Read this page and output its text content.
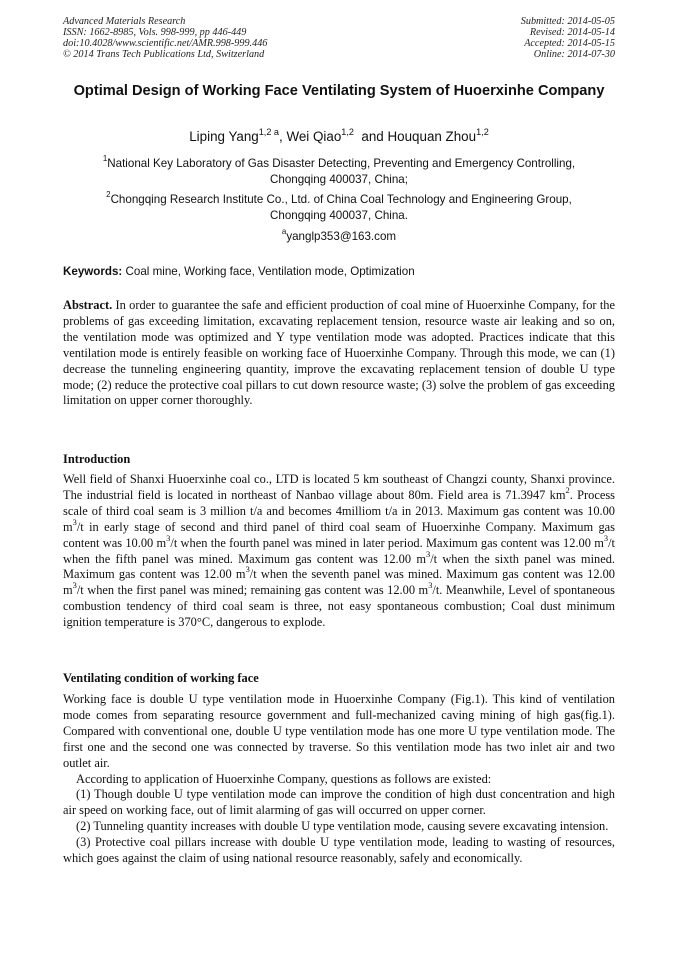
Advanced Materials Research
ISSN: 1662-8985, Vols. 998-999, pp 446-449
doi:10.4028/www.scientific.net/AMR.998-999.446
© 2014 Trans Tech Publications Ltd, Switzerland
Submitted: 2014-05-05
Revised: 2014-05-14
Accepted: 2014-05-15
Online: 2014-07-30
Optimal Design of Working Face Ventilating System of Huoerxinhe Company
Liping Yang$^{1,2 a}$, Wei Qiao$^{1,2}$ and Houquan Zhou$^{1,2}$
$^1$National Key Laboratory of Gas Disaster Detecting, Preventing and Emergency Controlling,
Chongqing 400037, China;
$^2$Chongqing Research Institute Co., Ltd. of China Coal Technology and Engineering Group,
Chongqing 400037, China.
$^a$yanglp353@163.com
Keywords: Coal mine, Working face, Ventilation mode, Optimization

Abstract. In order to guarantee the safe and efficient production of coal mine of Huoerxinhe Company, for the problems of gas exceeding limitation, excavating replacement tension, resource waste air leaking and so on, the ventilation mode was optimized and Y type ventilation mode was adopted. Practices indicate that this ventilation mode is entirely feasible on working face of Huoerxinhe Company. Through this mode, we can (1) decrease the tunneling engineering quantity, improve the excavating replacement tension of double U type mode; (2) reduce the protective coal pillars to cut down resource waste; (3) solve the problem of gas exceeding limitation on upper corner thoroughly.

Introduction

Well field of Shanxi Huoerxinhe coal co., LTD is located 5 km southeast of Changzi county, Shanxi province. The industrial field is located in northeast of Nanbao village about 80m. Field area is 71.3947 $km^2$. Process scale of third coal seam is 3 million t/a and becomes 4milliom t/a in 2013. Maximum gas content was 10.00 $m^3/t$ in early stage of second and third panel of third coal seam of Huoerxinhe Company. Maximum gas content was 10.00 $m^3/t$ when the fourth panel was mined in later period. Maximum gas content was 12.00 $m^3/t$ when the fifth panel was mined. Maximum gas content was 12.00 $m^3/t$ when the sixth panel was mined. Maximum gas content was 12.00 $m^3/t$ when the seventh panel was mined. Maximum gas content was 12.00 $m^3/t$ when the first panel was mined; remaining gas content was 12.00 $m^3/t$. Meanwhile, Level of spontaneous combustion tendency of third coal seam is three, not easy spontaneous combustion; Coal dust minimum ignition temperature is 370°C, dangerous to explode.

Ventilating condition of working face

Working face is double U type ventilation mode in Huoerxinhe Company (Fig.1). This kind of ventilation mode comes from separating resource government and full-mechanized caving mining of high gas(fig.1). Compared with conventional one, double U type ventilation mode has one more U type ventilation mode. The first one and the second one was connected by traverse. So this ventilation mode has two inlet air and two outlet air.

According to application of Huoerxinhe Company, questions as follows are existed:

(1) Though double U type ventilation mode can improve the condition of high dust concentration and high air speed on working face, out of limit alarming of gas will occurred on upper corner.

(2) Tunneling quantity increases with double U type ventilation mode, causing severe excavating intension.

(3) Protective coal pillars increase with double U type ventilation mode, leading to wasting of resources, which goes against the claim of using national resource reasonably, safely and economically.
